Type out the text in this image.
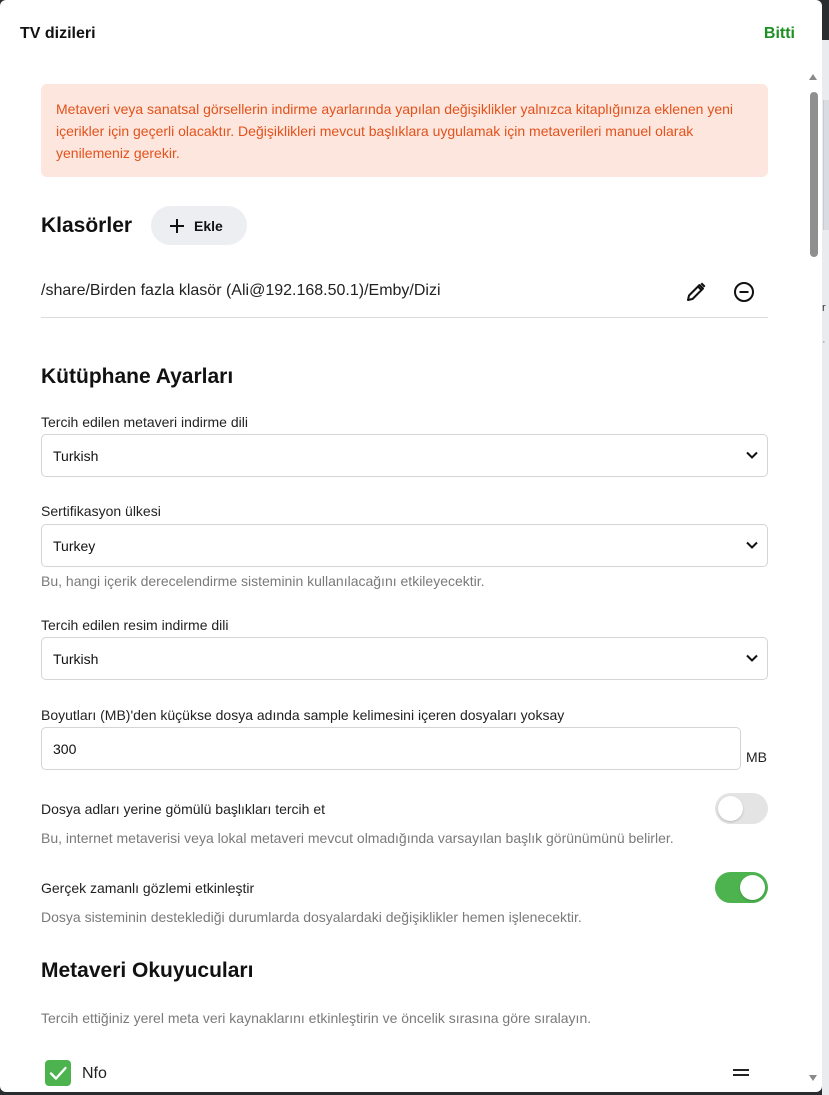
r
·
TV dizileri	Bitti
Metaveri veya sanatsal görsellerin indirme ayarlarında yapılan değişiklikler yalnızca kitaplığınıza eklenen yeni içerikler için geçerli olacaktır. Değişiklikleri mevcut başlıklara uygulamak için metaverileri manuel olarak yenilemeniz gerekir.
Klasörler	Ekle
/share/Birden fazla klasör (Ali@192.168.50.1)/Emby/Dizi
Kütüphane Ayarları
Tercih edilen metaveri indirme dili
Turkish
Sertifikasyon ülkesi
Turkey
Bu, hangi içerik derecelendirme sisteminin kullanılacağını etkileyecektir.
Tercih edilen resim indirme dili
Turkish
Boyutları (MB)'den küçükse dosya adında sample kelimesini içeren dosyaları yoksay
300
MB
Dosya adları yerine gömülü başlıkları tercih et
Bu, internet metaverisi veya lokal metaveri mevcut olmadığında varsayılan başlık görünümünü belirler.
Gerçek zamanlı gözlemi etkinleştir
Dosya sisteminin desteklediği durumlarda dosyalardaki değişiklikler hemen işlenecektir.
Metaveri Okuyucuları
Tercih ettiğiniz yerel meta veri kaynaklarını etkinleştirin ve öncelik sırasına göre sıralayın.
Nfo
